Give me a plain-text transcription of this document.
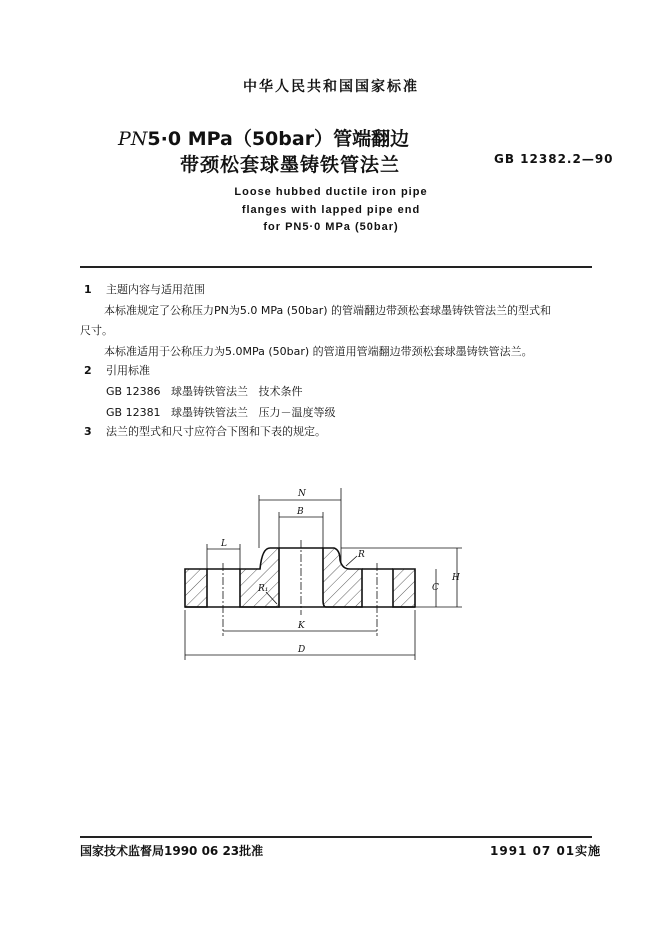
中华人民共和国国家标准
PN5·0 MPa（50bar）管端翻边
带颈松套球墨铸铁管法兰	GB 12382.2—90
Loose hubbed ductile iron pipe
flanges with lapped pipe end
for PN5·0 MPa (50bar)
1 主题内容与适用范围
本标准规定了公称压力PN为5.0 MPa (50bar) 的管端翻边带颈松套球墨铸铁管法兰的型式和
尺寸。
本标准适用于公称压力为5.0MPa (50bar) 的管道用管端翻边带颈松套球墨铸铁管法兰。
2 引用标准
GB 12386   球墨铸铁管法兰   技术条件
GB 12381   球墨铸铁管法兰   压力－温度等级
3 法兰的型式和尺寸应符合下图和下表的规定。
N
B
L
R
R₁
K
D
C
H
国家技术监督局1990 06 23批准	1991 07 01实施
